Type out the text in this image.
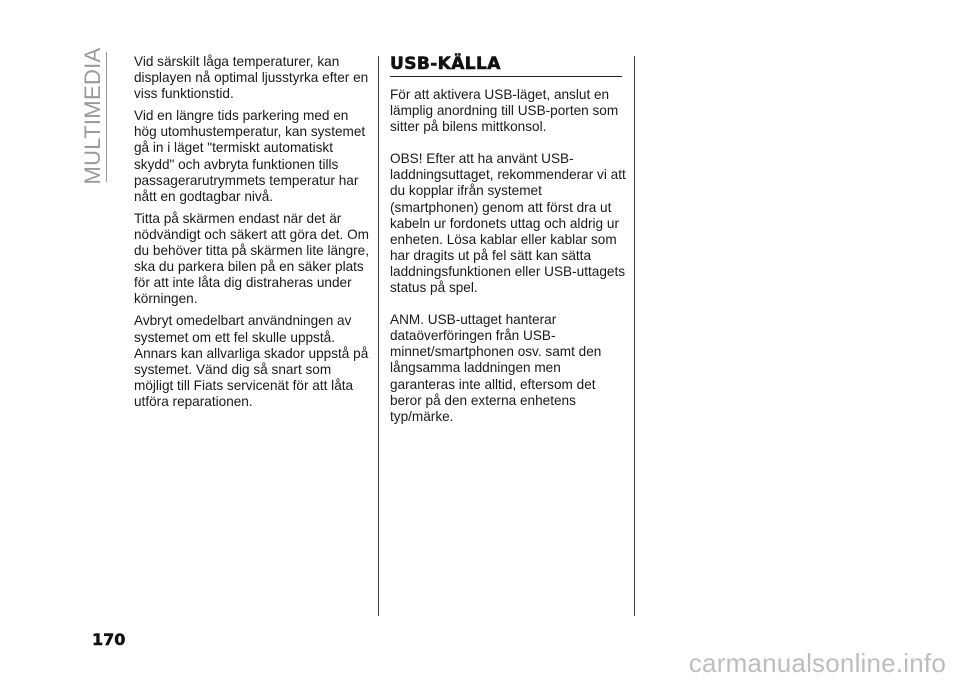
MULTIMEDIA Vid särskilt låga temperaturer, kan displayen nå optimal ljusstyrka efter en viss funktionstid.

Vid en längre tids parkering med en hög utomhustemperatur, kan systemet gå in i läget "termiskt automatiskt skydd" och avbryta funktionen tills passagerarutrymmets temperatur har nått en godtagbar nivå.

Titta på skärmen endast när det är nödvändigt och säkert att göra det. Om du behöver titta på skärmen lite längre, ska du parkera bilen på en säker plats för att inte låta dig distraheras under körningen.

Avbryt omedelbart användningen av systemet om ett fel skulle uppstå. Annars kan allvarliga skador uppstå på systemet. Vänd dig så snart som möjligt till Fiats servicenät för att låta utföra reparationen.

USB-KÄLLA

För att aktivera USB-läget, anslut en lämplig anordning till USB-porten som sitter på bilens mittkonsol.

OBS! Efter att ha använt USB-laddningsuttaget, rekommenderar vi att du kopplar ifrån systemet (smartphonen) genom att först dra ut kabeln ur fordonets uttag och aldrig ur enheten. Lösa kablar eller kablar som har dragits ut på fel sätt kan sätta laddningsfunktionen eller USB-uttagets status på spel.

ANM. USB-uttaget hanterar dataöverföringen från USB-minnet/smartphonen osv. samt den långsamma laddningen men garanteras inte alltid, eftersom det beror på den externa enhetens typ/märke.

170
carmanualsonline.info
